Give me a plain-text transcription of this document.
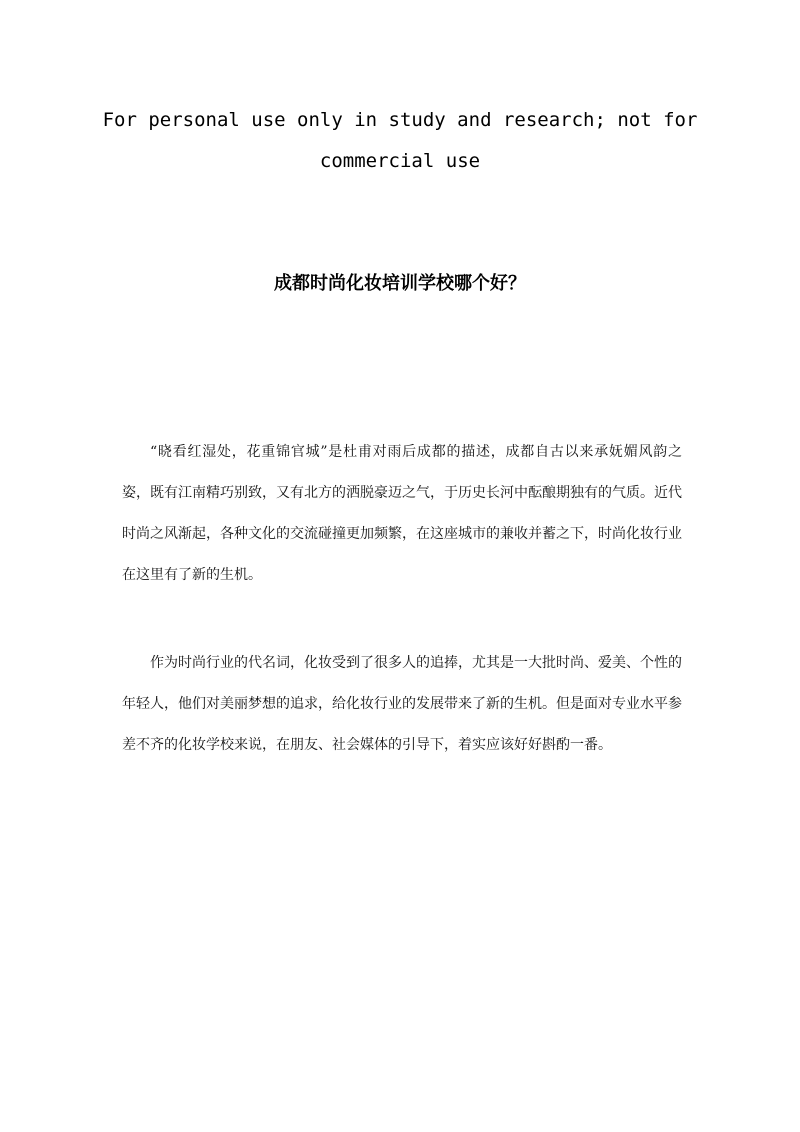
For personal use only in study and research; not for commercial use

成都时尚化妆培训学校哪个好？

“晓看红湿处，花重锦官城”是杜甫对雨后成都的描述，成都自古以来承妩媚风韵之姿，既有江南精巧别致，又有北方的洒脱豪迈之气，于历史长河中酝酿期独有的气质。近代时尚之风渐起，各种文化的交流碰撞更加频繁，在这座城市的兼收并蓄之下，时尚化妆行业在这里有了新的生机。

作为时尚行业的代名词，化妆受到了很多人的追捧，尤其是一大批时尚、爱美、个性的年轻人，他们对美丽梦想的追求，给化妆行业的发展带来了新的生机。但是面对专业水平参差不齐的化妆学校来说，在朋友、社会媒体的引导下，着实应该好好斟酌一番。
